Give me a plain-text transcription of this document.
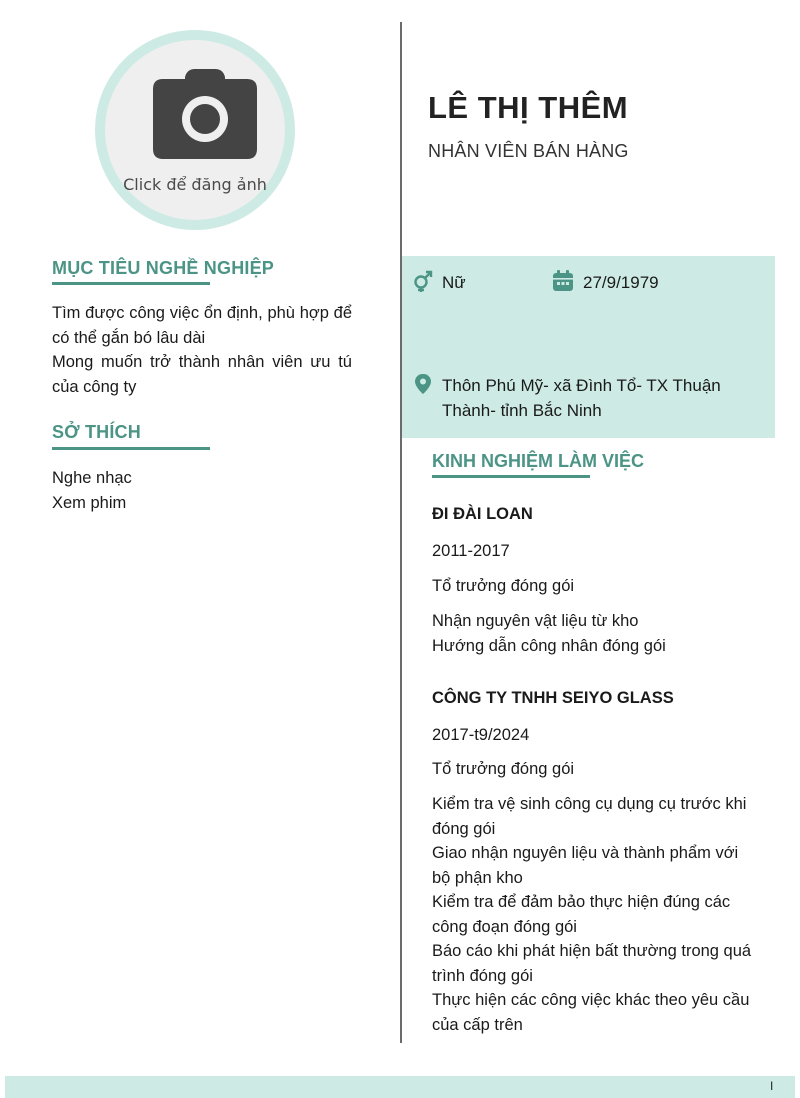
Click để đăng ảnh
MỤC TIÊU NGHỀ NGHIỆP

Tìm được công việc ổn định, phù hợp để có thể gắn bó lâu dài

Mong muốn trở thành nhân viên ưu tú của công ty

SỞ THÍCH

Nghe nhạc

Xem phim

LÊ THỊ THÊM
NHÂN VIÊN BÁN HÀNG
Nữ	27/9/1979
Thôn Phú Mỹ- xã Đình Tổ- TX Thuận Thành- tỉnh Bắc Ninh
KINH NGHIỆM LÀM VIỆC

ĐI ĐÀI LOAN

2011-2017
Tổ trưởng đóng gói

Nhận nguyên vật liệu từ kho

Hướng dẫn công nhân đóng gói

CÔNG TY TNHH SEIYO GLASS

2017-t9/2024
Tổ trưởng đóng gói

Kiểm tra vệ sinh công cụ dụng cụ trước khi đóng gói

Giao nhận nguyên liệu và thành phẩm với bộ phận kho

Kiểm tra để đảm bảo thực hiện đúng các công đoạn đóng gói

Báo cáo khi phát hiện bất thường trong quá trình đóng gói

Thực hiện các công việc khác theo yêu cầu của cấp trên

I
